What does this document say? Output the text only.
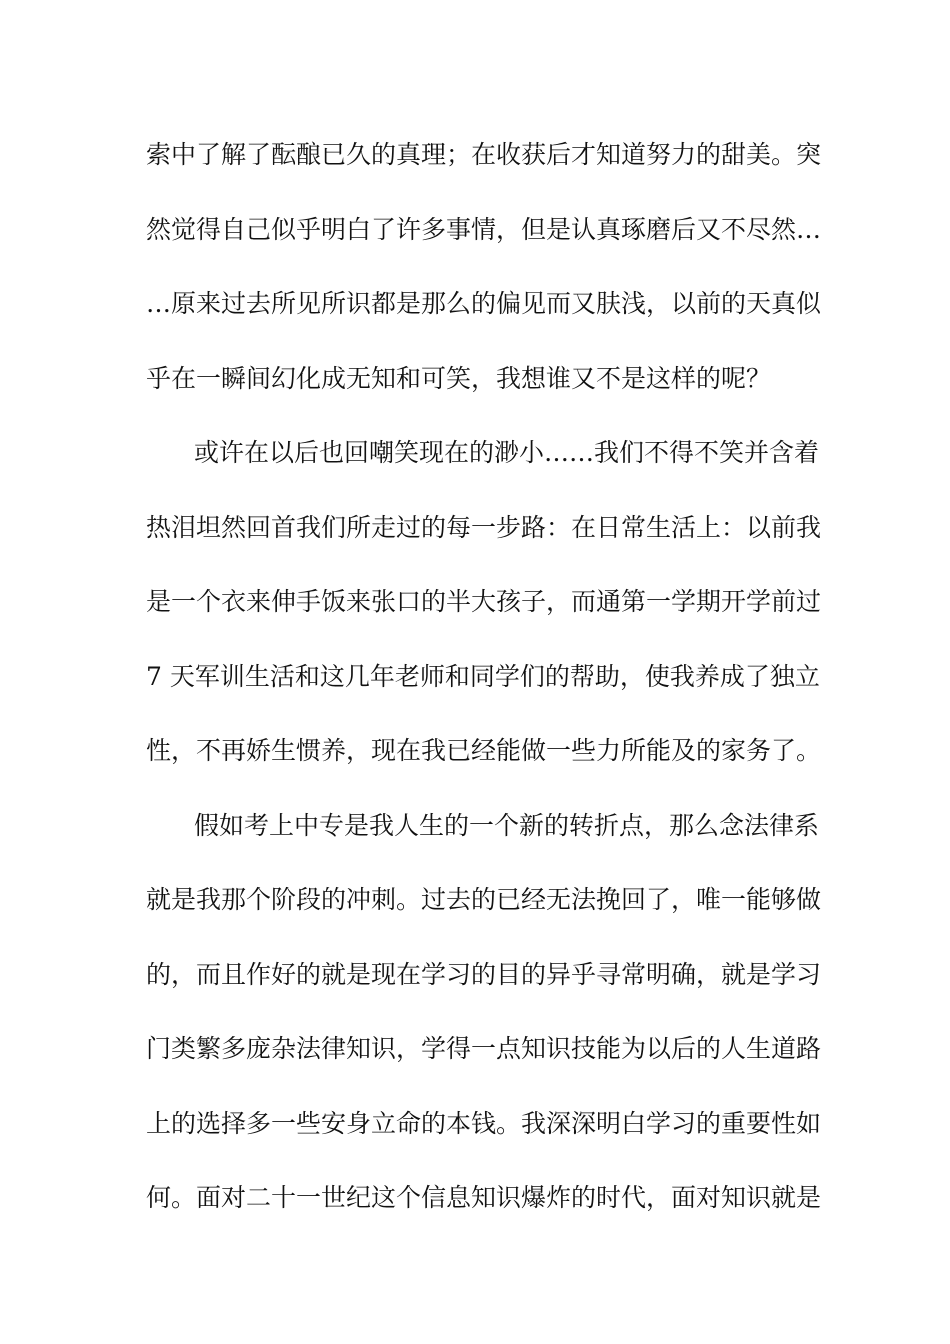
索中了解了酝酿已久的真理；在收获后才知道努力的甜美。突
然觉得自己似乎明白了许多事情，但是认真琢磨后又不尽然…
…原来过去所见所识都是那么的偏见而又肤浅，以前的天真似
乎在一瞬间幻化成无知和可笑，我想谁又不是这样的呢？
或许在以后也回嘲笑现在的渺小……我们不得不笑并含着
热泪坦然回首我们所走过的每一步路：在日常生活上：以前我
是一个衣来伸手饭来张口的半大孩子，而通第一学期开学前过
7 天军训生活和这几年老师和同学们的帮助，使我养成了独立
性，不再娇生惯养，现在我已经能做一些力所能及的家务了。
假如考上中专是我人生的一个新的转折点，那么念法律系
就是我那个阶段的冲刺。过去的已经无法挽回了，唯一能够做
的，而且作好的就是现在学习的目的异乎寻常明确，就是学习
门类繁多庞杂法律知识，学得一点知识技能为以后的人生道路
上的选择多一些安身立命的本钱。我深深明白学习的重要性如
何。面对二十一世纪这个信息知识爆炸的时代，面对知识就是
